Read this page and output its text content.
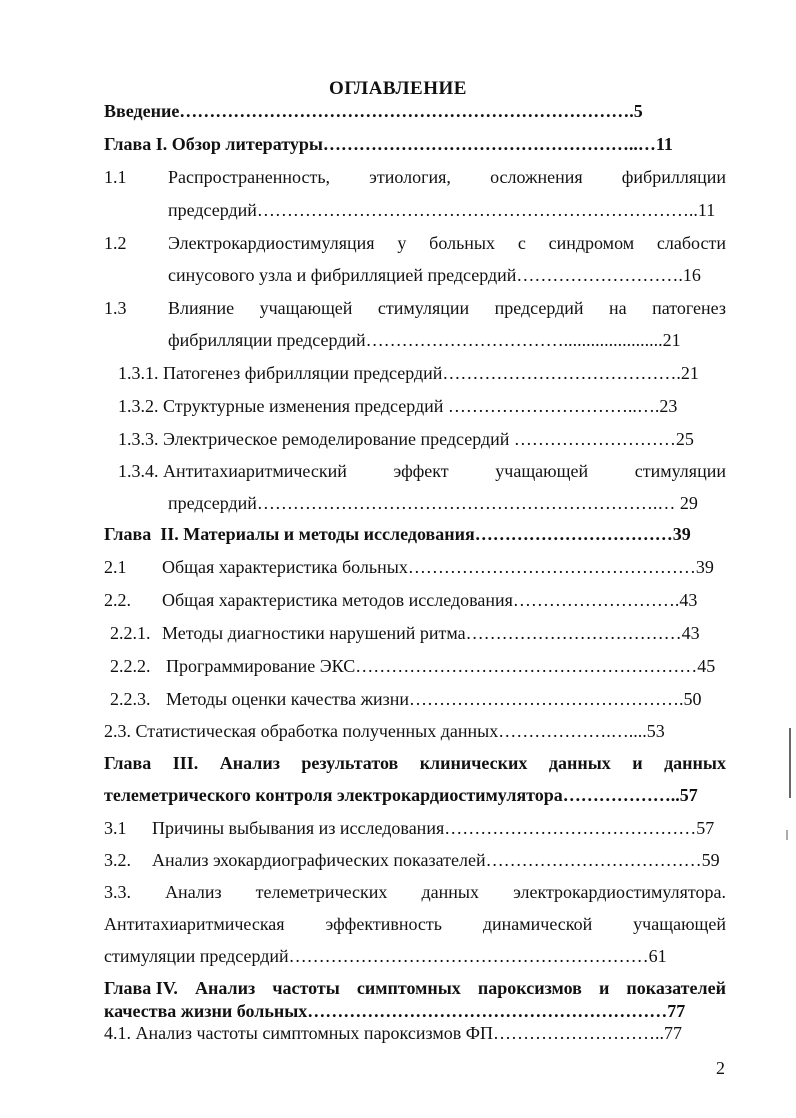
ОГЛАВЛЕНИЕ
Введение………………………………………………………………….5
Глава I. Обзор литературы……………………………………………..…11
1.1 Распространенность, этиология, осложнения фибрилляции
предсердий………………………………………………………………..11
1.2 Электрокардиостимуляция у больных с синдромом слабости
синусового узла и фибрилляцией предсердий……………………….16
1.3 Влияние учащающей стимуляции предсердий на патогенез
фибрилляции предсердий……………………………......................21
1.3.1. Патогенез фибрилляции предсердий………………………………….21
1.3.2. Структурные изменения предсердий …………………………..….23
1.3.3. Электрическое ремоделирование предсердий ………………………25
1.3.4. Антитахиаритмический	эффект	учащающей	стимуляции
предсердий………………………………………………………….… 29
Глава II. Материалы и методы исследования……………………………39
2.1 Общая характеристика больных…………………………………………39
2.2. Общая характеристика методов исследования……………………….43
2.2.1. Методы диагностики нарушений ритма………………………………43
2.2.2. Программирование ЭКС…………………………………………………45
2.2.3. Методы оценки качества жизни……………………………………….50
2.3. Статистическая обработка полученных данных……………….…....53
Глава III. Анализ результатов клинических данных и данных
телеметрического контроля электрокардиостимулятора………………..57
3.1 Причины выбывания из исследования……………………………………57
3.2. Анализ эхокардиографических показателей………………………………59
3.3. Анализ телеметрических данных электрокардиостимулятора.
Антитахиаритмическая эффективность динамической учащающей
стимуляции предсердий……………………………………………………61
Глава IV. Анализ частоты симптомных пароксизмов и показателей
качества жизни больных……………………………………………………77
4.1. Анализ частоты симптомных пароксизмов ФП………………………..77
2
